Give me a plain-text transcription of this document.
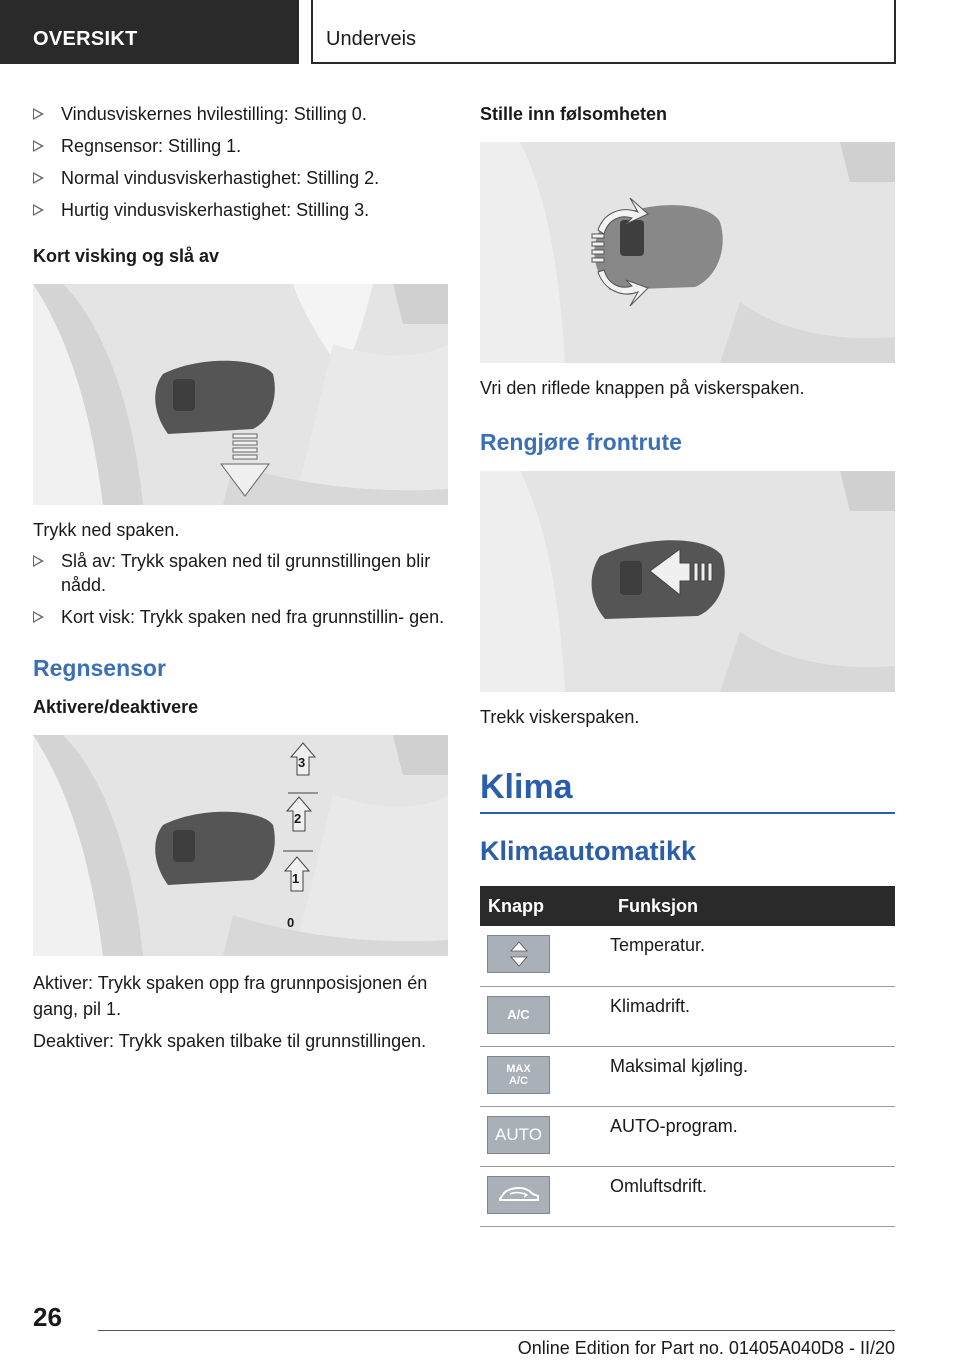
OVERSIKT	Underveis
Vindusviskernes hvilestilling: Stilling 0.
Regnsensor: Stilling 1.
Normal vindusviskerhastighet: Stilling 2.
Hurtig vindusviskerhastighet: Stilling 3.
Kort visking og slå av
Trykk ned spaken.
Slå av: Trykk spaken ned til grunnstillingen blir nådd.
Kort visk: Trykk spaken ned fra grunnstillin- gen.
Regnsensor
Aktivere/deaktivere
3
2
1
0
Aktiver: Trykk spaken opp fra grunnposisjonen én gang, pil 1.
Deaktiver: Trykk spaken tilbake til grunnstillingen.
Stille inn følsomheten
Vri den riflede knappen på viskerspaken.
Rengjøre frontrute
Trekk viskerspaken.
Klima
Klimaautomatikk
Knapp	Funksjon

	Temperatur.

A/C	Klimadrift.

MAX A/C	Maksimal kjøling.

AUTO	AUTO-program.

	Omluftsdrift.
26
Online Edition for Part no. 01405A040D8 - II/20
